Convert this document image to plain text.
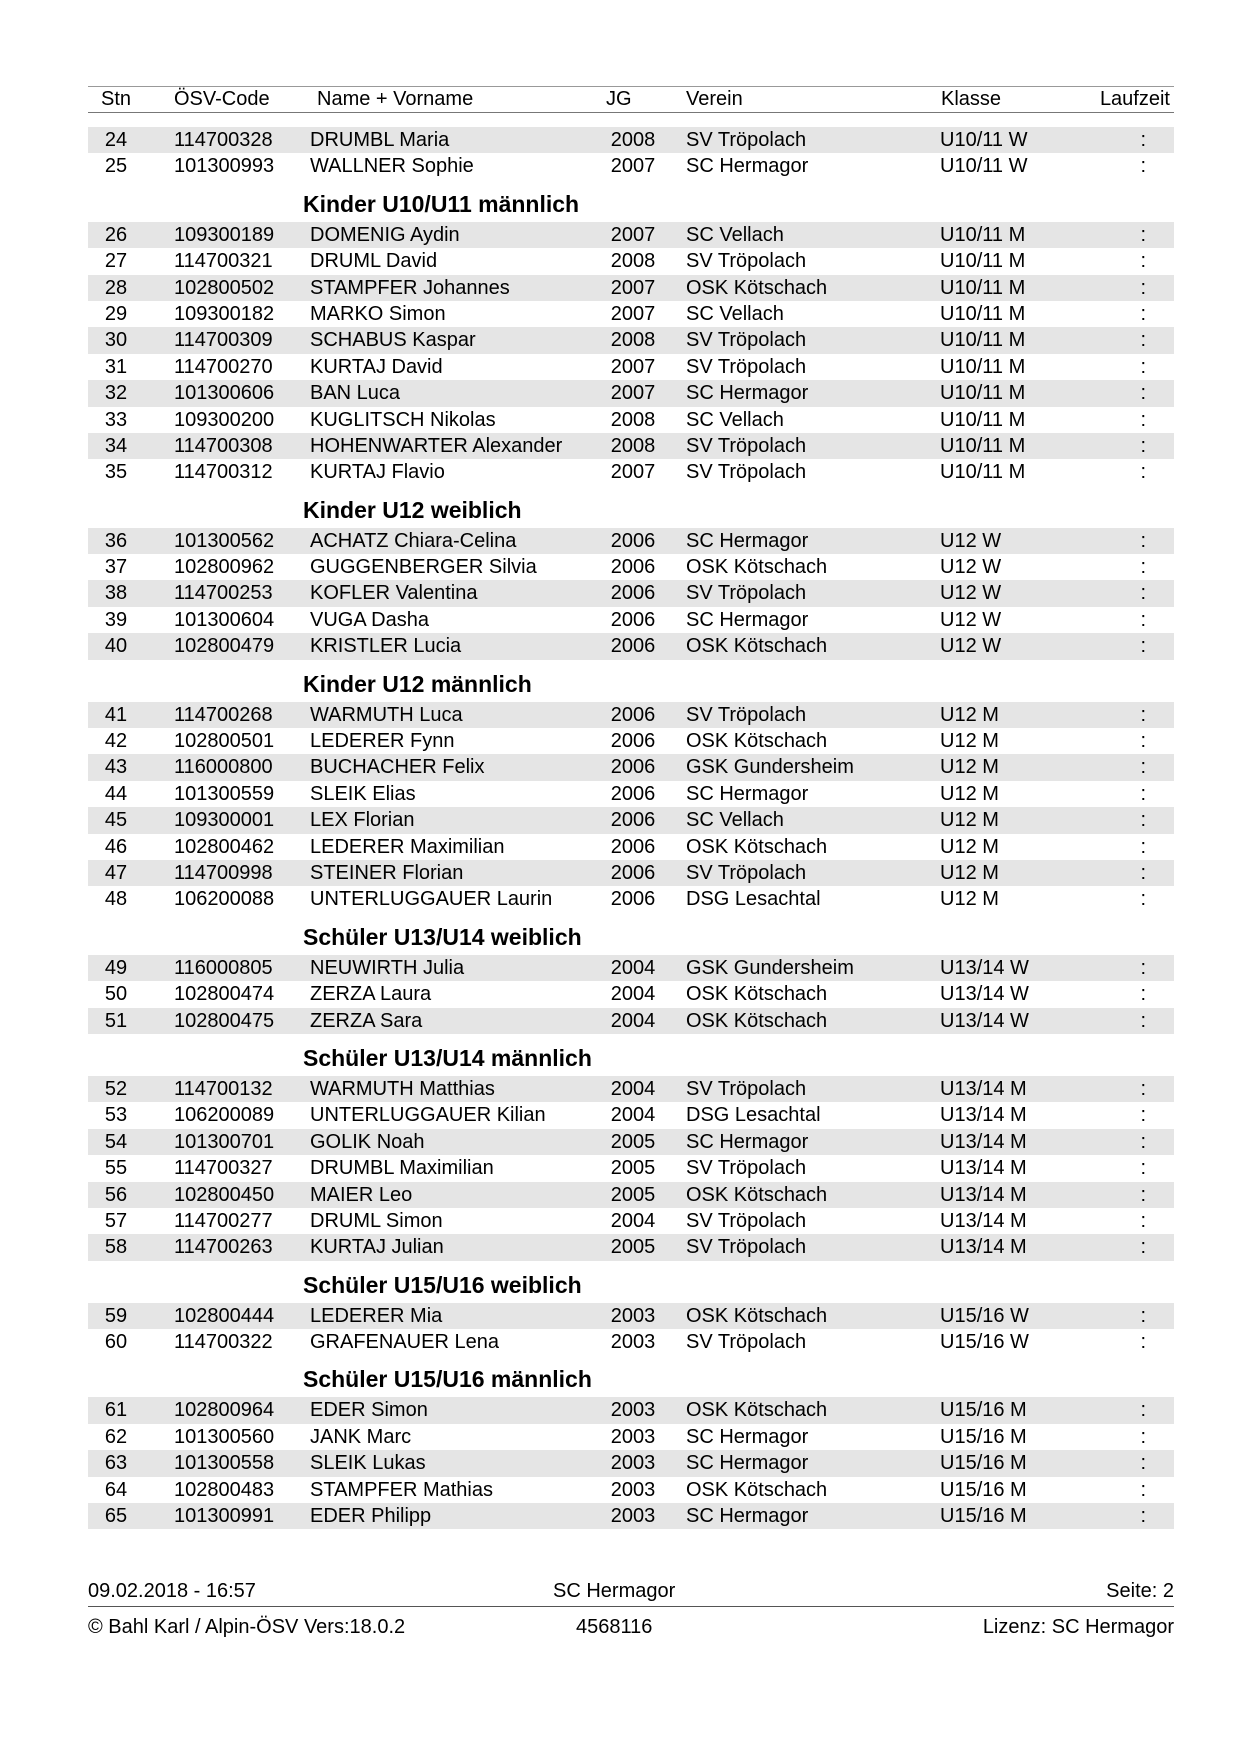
Stn	ÖSV-Code Name + Vorname	JG	Verein	Klasse	Laufzeit
24	114700328 DRUMBL Maria	2008 SV Tröpolach	U10/11 W	:
25	101300993 WALLNER Sophie	2007 SC Hermagor	U10/11 W	:
Kinder U10/U11 männlich
26	109300189 DOMENIG Aydin	2007 SC Vellach	U10/11 M	:
27	114700321 DRUML David	2008 SV Tröpolach	U10/11 M	:
28	102800502 STAMPFER Johannes	2007 OSK Kötschach	U10/11 M	:
29	109300182 MARKO Simon	2007 SC Vellach	U10/11 M	:
30	114700309 SCHABUS Kaspar	2008 SV Tröpolach	U10/11 M	:
31	114700270 KURTAJ David	2007 SV Tröpolach	U10/11 M	:
32	101300606 BAN Luca	2007 SC Hermagor	U10/11 M	:
33	109300200 KUGLITSCH Nikolas	2008 SC Vellach	U10/11 M	:
34	114700308 HOHENWARTER Alexander 2008 SV Tröpolach	U10/11 M	:
35	114700312 KURTAJ Flavio	2007 SV Tröpolach	U10/11 M	:
Kinder U12 weiblich
36	101300562 ACHATZ Chiara-Celina	2006 SC Hermagor	U12 W	:
37	102800962 GUGGENBERGER Silvia	2006 OSK Kötschach	U12 W	:
38	114700253 KOFLER Valentina	2006 SV Tröpolach	U12 W	:
39	101300604 VUGA Dasha	2006 SC Hermagor	U12 W	:
40	102800479 KRISTLER Lucia	2006 OSK Kötschach	U12 W	:
Kinder U12 männlich
41	114700268 WARMUTH Luca	2006 SV Tröpolach	U12 M	:
42	102800501 LEDERER Fynn	2006 OSK Kötschach	U12 M	:
43	116000800 BUCHACHER Felix	2006 GSK Gundersheim	U12 M	:
44	101300559 SLEIK Elias	2006 SC Hermagor	U12 M	:
45	109300001 LEX Florian	2006 SC Vellach	U12 M	:
46	102800462 LEDERER Maximilian	2006 OSK Kötschach	U12 M	:
47	114700998 STEINER Florian	2006 SV Tröpolach	U12 M	:
48	106200088 UNTERLUGGAUER Laurin	2006 DSG Lesachtal	U12 M	:
Schüler U13/U14 weiblich
49	116000805 NEUWIRTH Julia	2004 GSK Gundersheim	U13/14 W	:
50	102800474 ZERZA Laura	2004 OSK Kötschach	U13/14 W	:
51	102800475 ZERZA Sara	2004 OSK Kötschach	U13/14 W	:
Schüler U13/U14 männlich
52	114700132 WARMUTH Matthias	2004 SV Tröpolach	U13/14 M	:
53	106200089 UNTERLUGGAUER Kilian	2004 DSG Lesachtal	U13/14 M	:
54	101300701 GOLIK Noah	2005 SC Hermagor	U13/14 M	:
55	114700327 DRUMBL Maximilian	2005 SV Tröpolach	U13/14 M	:
56	102800450 MAIER Leo	2005 OSK Kötschach	U13/14 M	:
57	114700277 DRUML Simon	2004 SV Tröpolach	U13/14 M	:
58	114700263 KURTAJ Julian	2005 SV Tröpolach	U13/14 M	:
Schüler U15/U16 weiblich
59	102800444 LEDERER Mia	2003 OSK Kötschach	U15/16 W	:
60	114700322 GRAFENAUER Lena	2003 SV Tröpolach	U15/16 W	:
Schüler U15/U16 männlich
61	102800964 EDER Simon	2003 OSK Kötschach	U15/16 M	:
62	101300560 JANK Marc	2003 SC Hermagor	U15/16 M	:
63	101300558 SLEIK Lukas	2003 SC Hermagor	U15/16 M	:
64	102800483 STAMPFER Mathias	2003 OSK Kötschach	U15/16 M	:
65	101300991 EDER Philipp	2003 SC Hermagor	U15/16 M	:
09.02.2018 - 16:57	SC Hermagor	Seite: 2
© Bahl Karl / Alpin-ÖSV Vers:18.0.2	4568116	Lizenz: SC Hermagor
